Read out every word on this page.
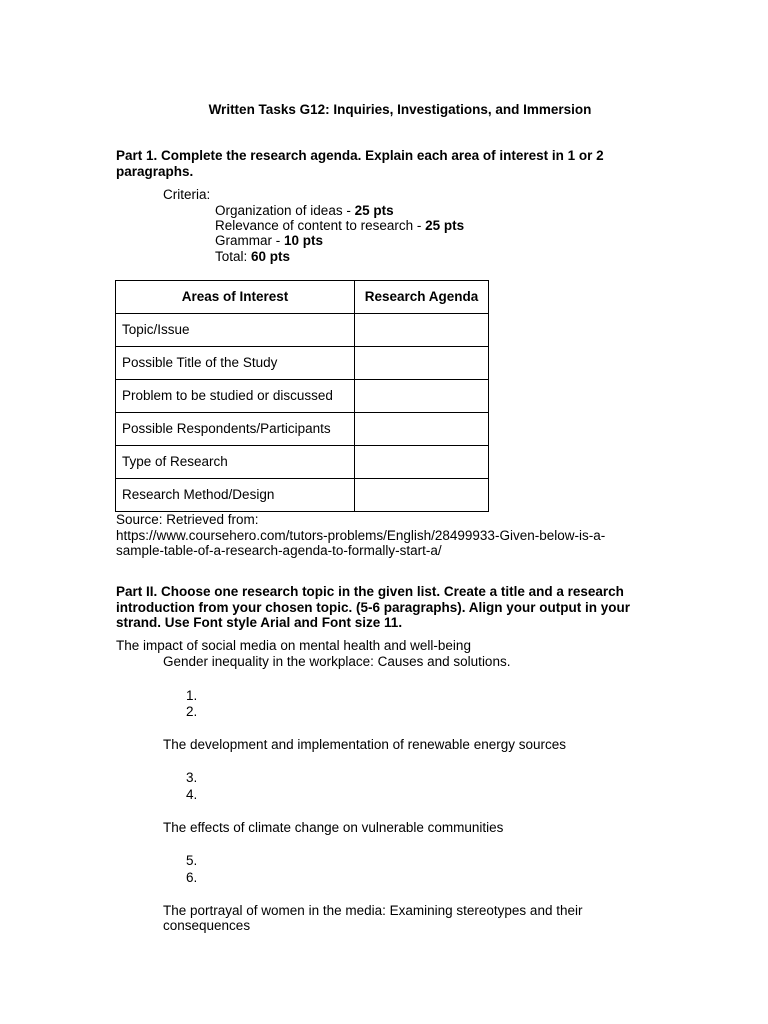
Written Tasks G12: Inquiries, Investigations, and Immersion
Part 1. Complete the research agenda. Explain each area of interest in 1 or 2 paragraphs.
Criteria:
Organization of ideas - 25 pts
Relevance of content to research - 25 pts
Grammar - 10 pts
Total: 60 pts
Areas of Interest	Research Agenda
Topic/Issue	
Possible Title of the Study	
Problem to be studied or discussed	
Possible Respondents/Participants	
Type of Research	
Research Method/Design	
Source: Retrieved from:
https://www.coursehero.com/tutors-problems/English/28499933-Given-below-is-a-
sample-table-of-a-research-agenda-to-formally-start-a/
Part II. Choose one research topic in the given list. Create a title and a research introduction from your chosen topic. (5-6 paragraphs). Align your output in your strand. Use Font style Arial and Font size 11.
The impact of social media on mental health and well-being
Gender inequality in the workplace: Causes and solutions.
1.
2.
The development and implementation of renewable energy sources
3.
4.
The effects of climate change on vulnerable communities
5.
6.
The portrayal of women in the media: Examining stereotypes and their
consequences
